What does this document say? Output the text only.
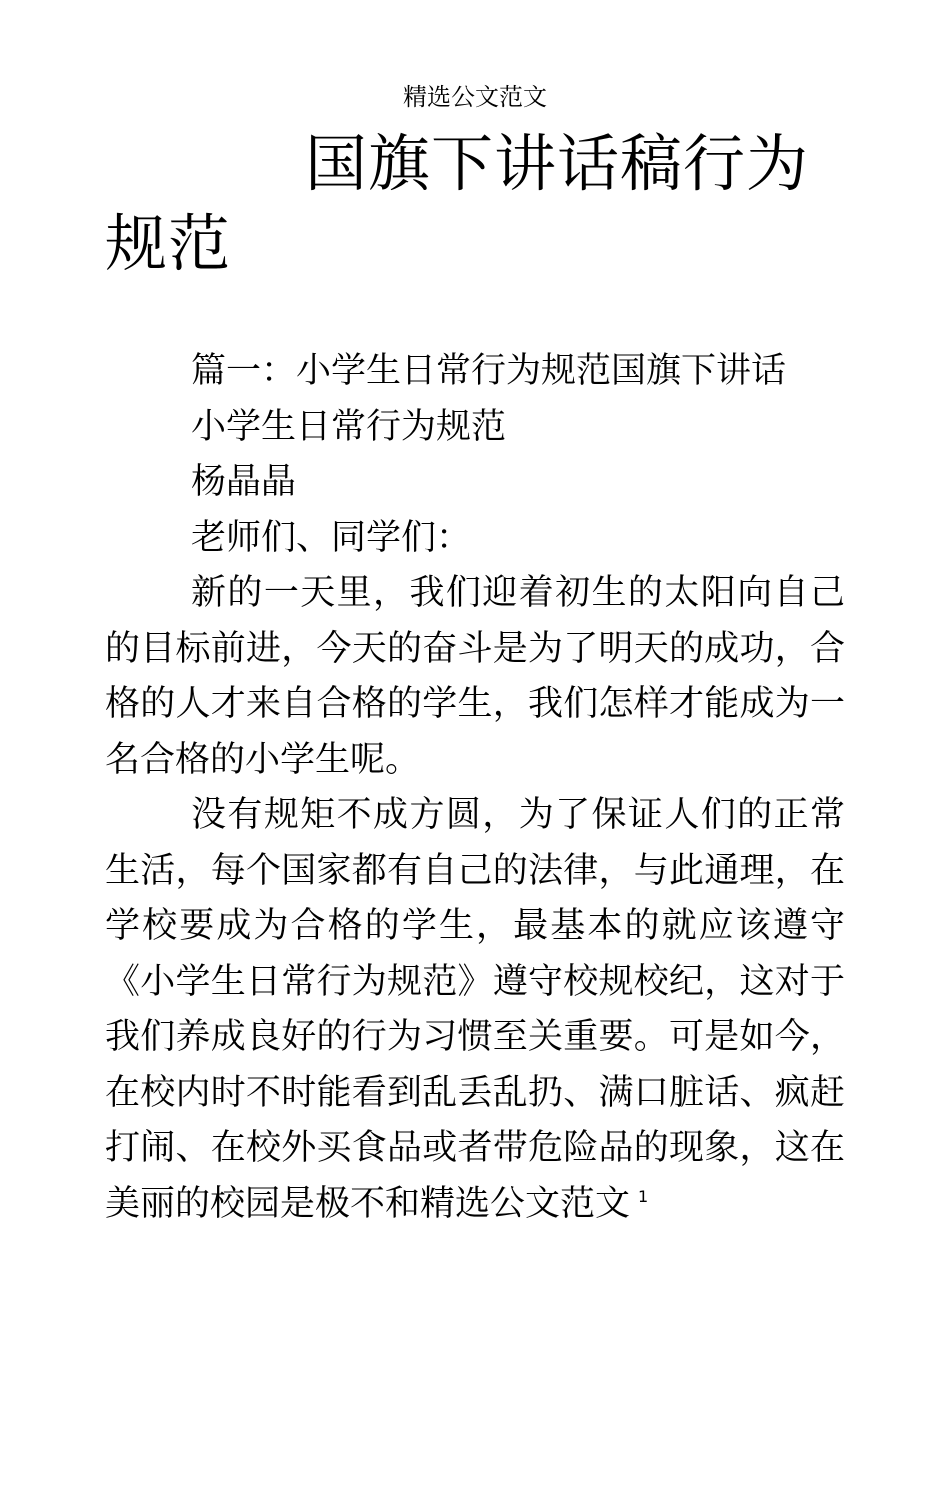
精选公文范文
国旗下讲话稿行为规范

篇一：小学生日常行为规范国旗下讲话

小学生日常行为规范

杨晶晶

老师们、同学们：

新的一天里，我们迎着初生的太阳向自己的目标前进，今天的奋斗是为了明天的成功，合格的人才来自合格的学生，我们怎样才能成为一名合格的小学生呢。

没有规矩不成方圆，为了保证人们的正常生活，每个国家都有自己的法律，与此通理，在学校要成为合格的学生，最基本的就应该遵守《小学生日常行为规范》遵守校规校纪，这对于我们养成良好的行为习惯至关重要。可是如今，在校内时不时能看到乱丢乱扔、满口脏话、疯赶打闹、在校外买食品或者带危险品的现象，这在美丽的校园是极不和精选公文范文 $^1$
